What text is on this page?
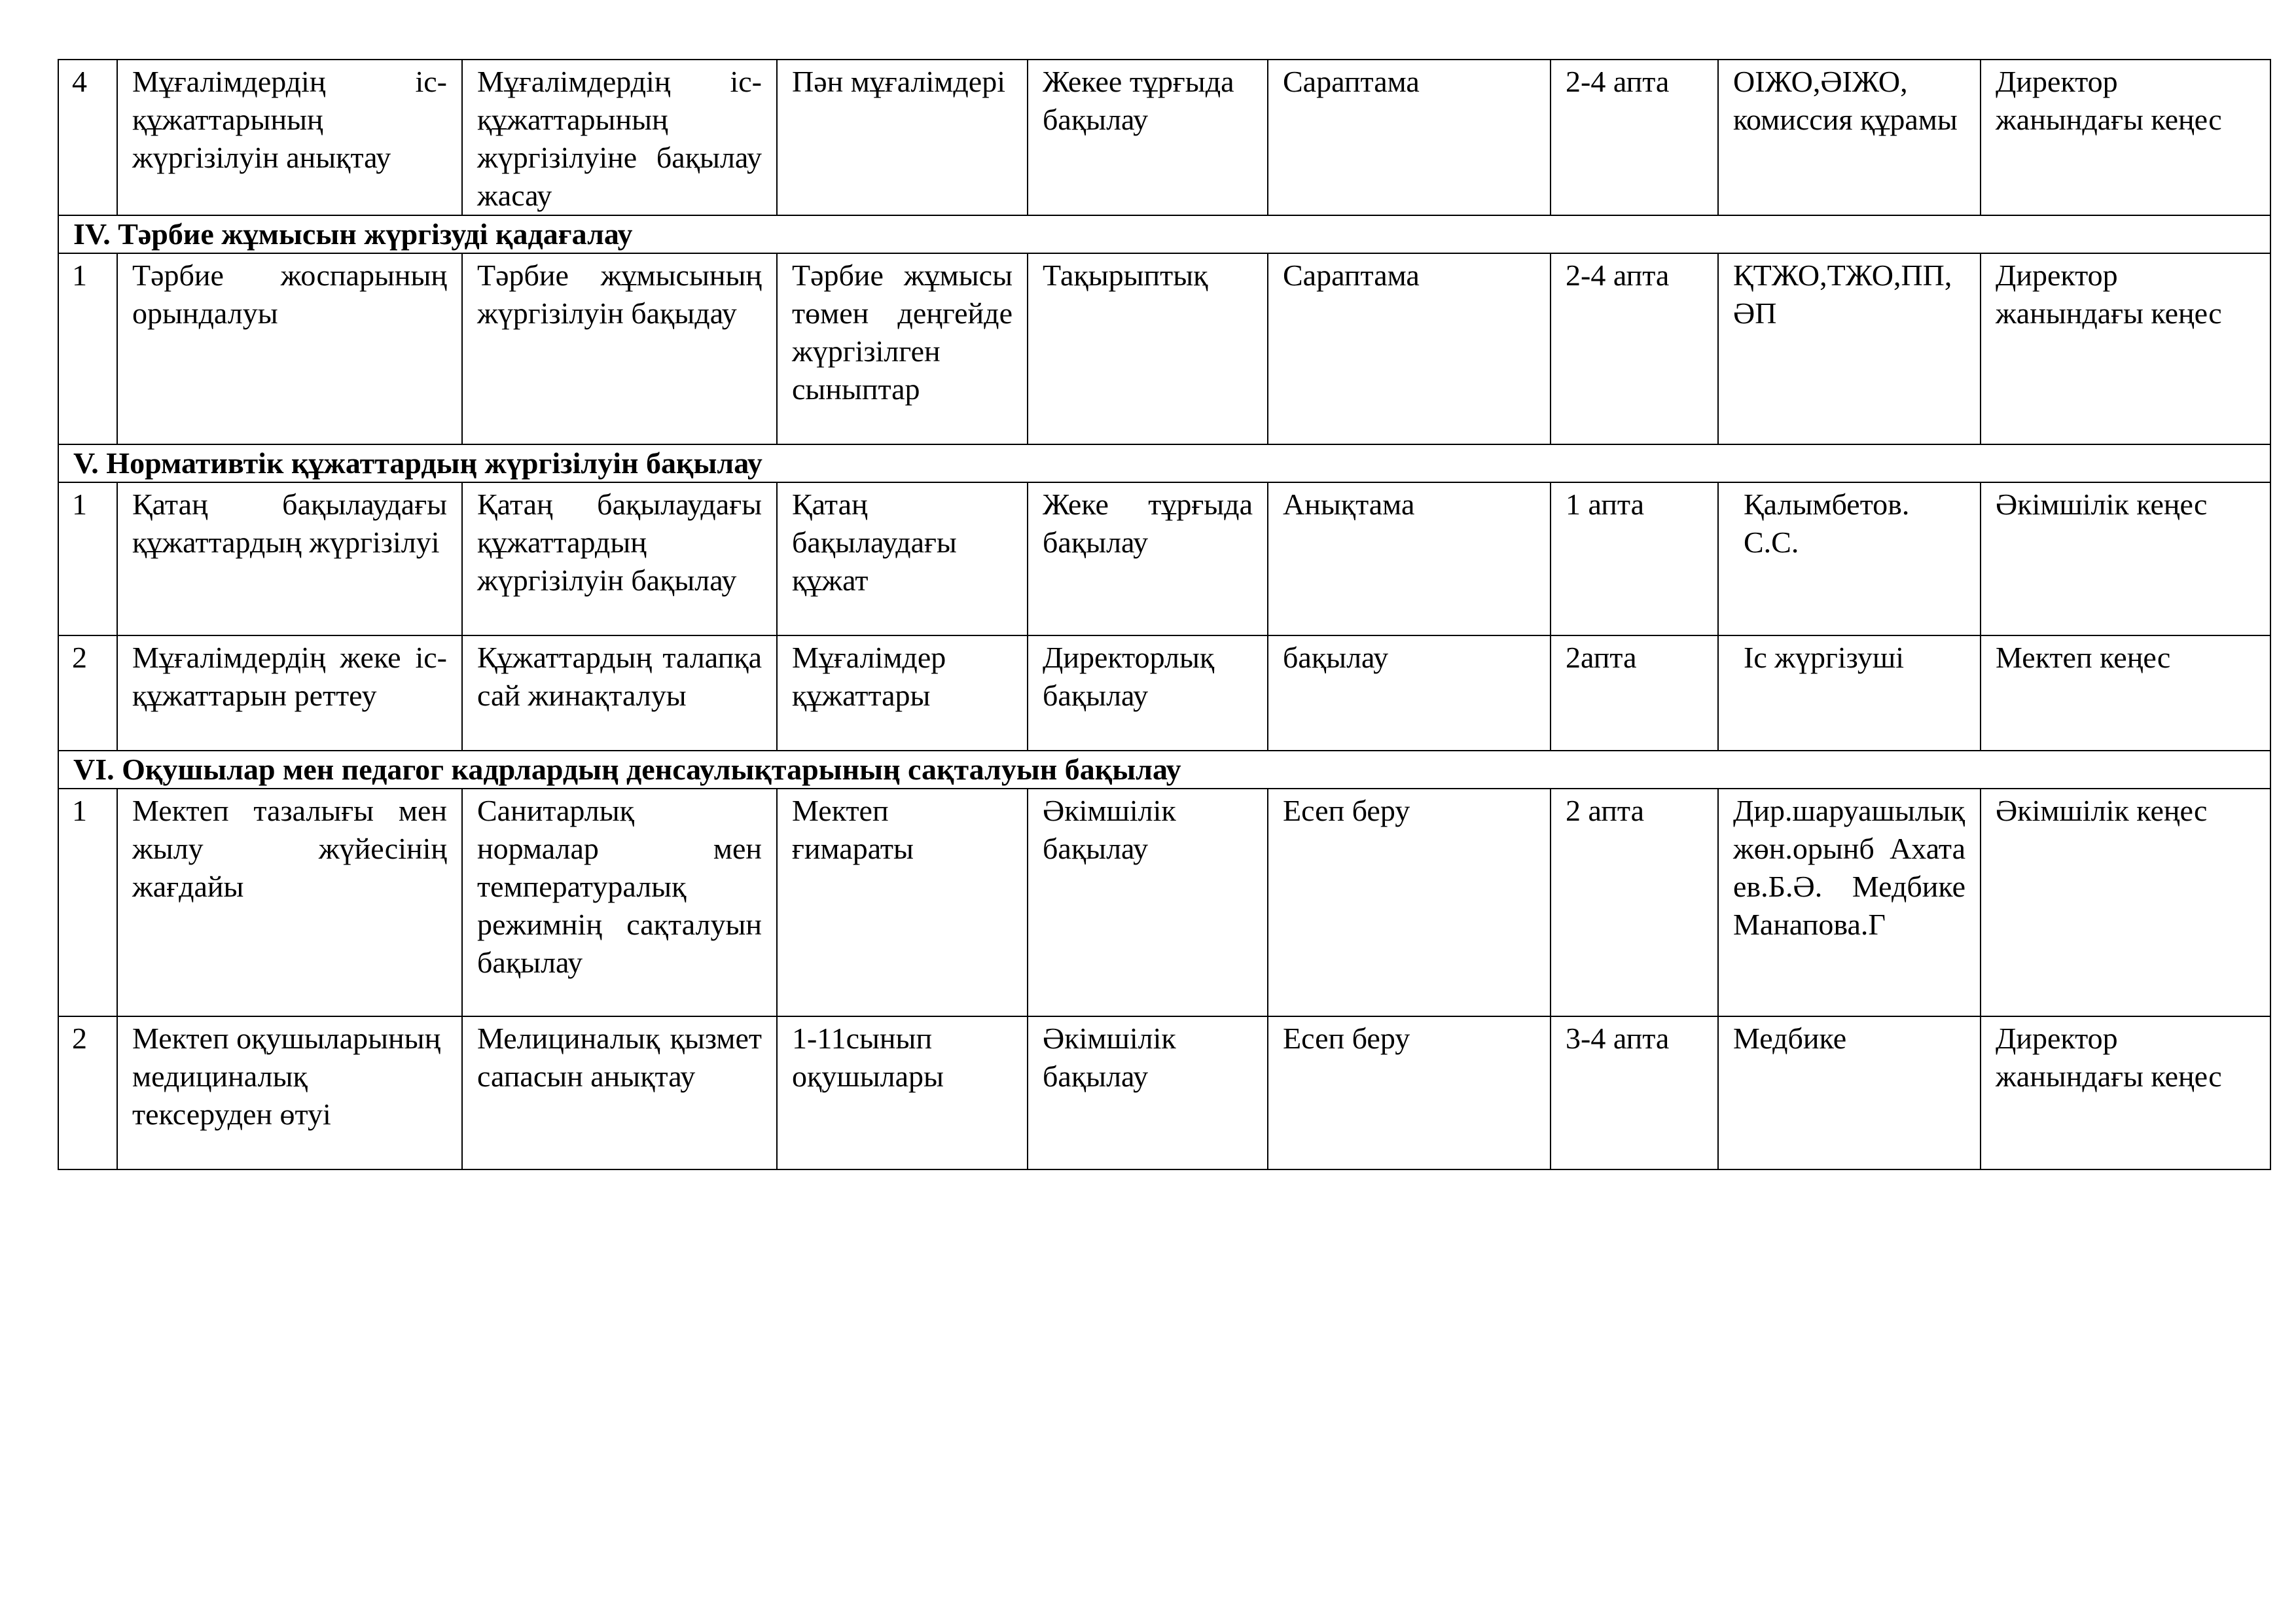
4	Мұғалімдердің іс-құжаттарының жүргізілуін анықтау	Мұғалімдердің іс-құжаттарының жүргізілуіне бақылау жасау	Пән мұғалімдері	Жекее тұрғыда бақылау	Сараптама	2-4 апта	ОІЖО,ӘІЖО, комиссия құрамы	Директор жанындағы кеңес
IV. Тәрбие жұмысын жүргізуді қадағалау								
1	Тәрбие жоспарының орындалуы	Тәрбие жұмысының жүргізілуін бақыдау	Тәрбие жұмысы төмен деңгейде жүргізілген сыныптар	Тақырыптық	Сараптама	2-4 апта	ҚТЖО,ТЖО,ПП,ӘП	Директор жанындағы кеңес
V. Нормативтік құжаттардың жүргізілуін бақылау								
1	Қатаң бақылаудағы құжаттардың жүргізілуі	Қатаң бақылаудағы құжаттардың жүргізілуін бақылау	Қатаң бақылаудағы құжат	Жеке тұрғыда бақылау	Анықтама	1 апта	Қалымбетов. С.С.	Әкімшілік кеңес
2	Мұғалімдердің жеке іс-құжаттарын реттеу	Құжаттардың талапқа сай жинақталуы	Мұғалімдер құжаттары	Директорлық бақылау	бақылау	2апта	Іс жүргізуші	Мектеп кеңес
VI. Оқушылар мен педагог кадрлардың денсаулықтарының сақталуын бақылау								
1	Мектеп тазалығы мен жылу жүйесінің жағдайы	Санитарлық нормалар мен температуралық режимнің сақталуын бақылау	Мектеп ғимараты	Әкімшілік бақылау	Есеп беру	2 апта	Дир.шаруашылық жөн.орынб Ахатаев.Б.Ә. Медбике Манапова.Г	Әкімшілік кеңес
2	Мектеп оқушыларының медициналық тексеруден өтуі	Мелициналық қызмет сапасын анықтау	1-11сынып оқушылары	Әкімшілік бақылау	Есеп беру	3-4 апта	Медбике	Директор жанындағы кеңес
